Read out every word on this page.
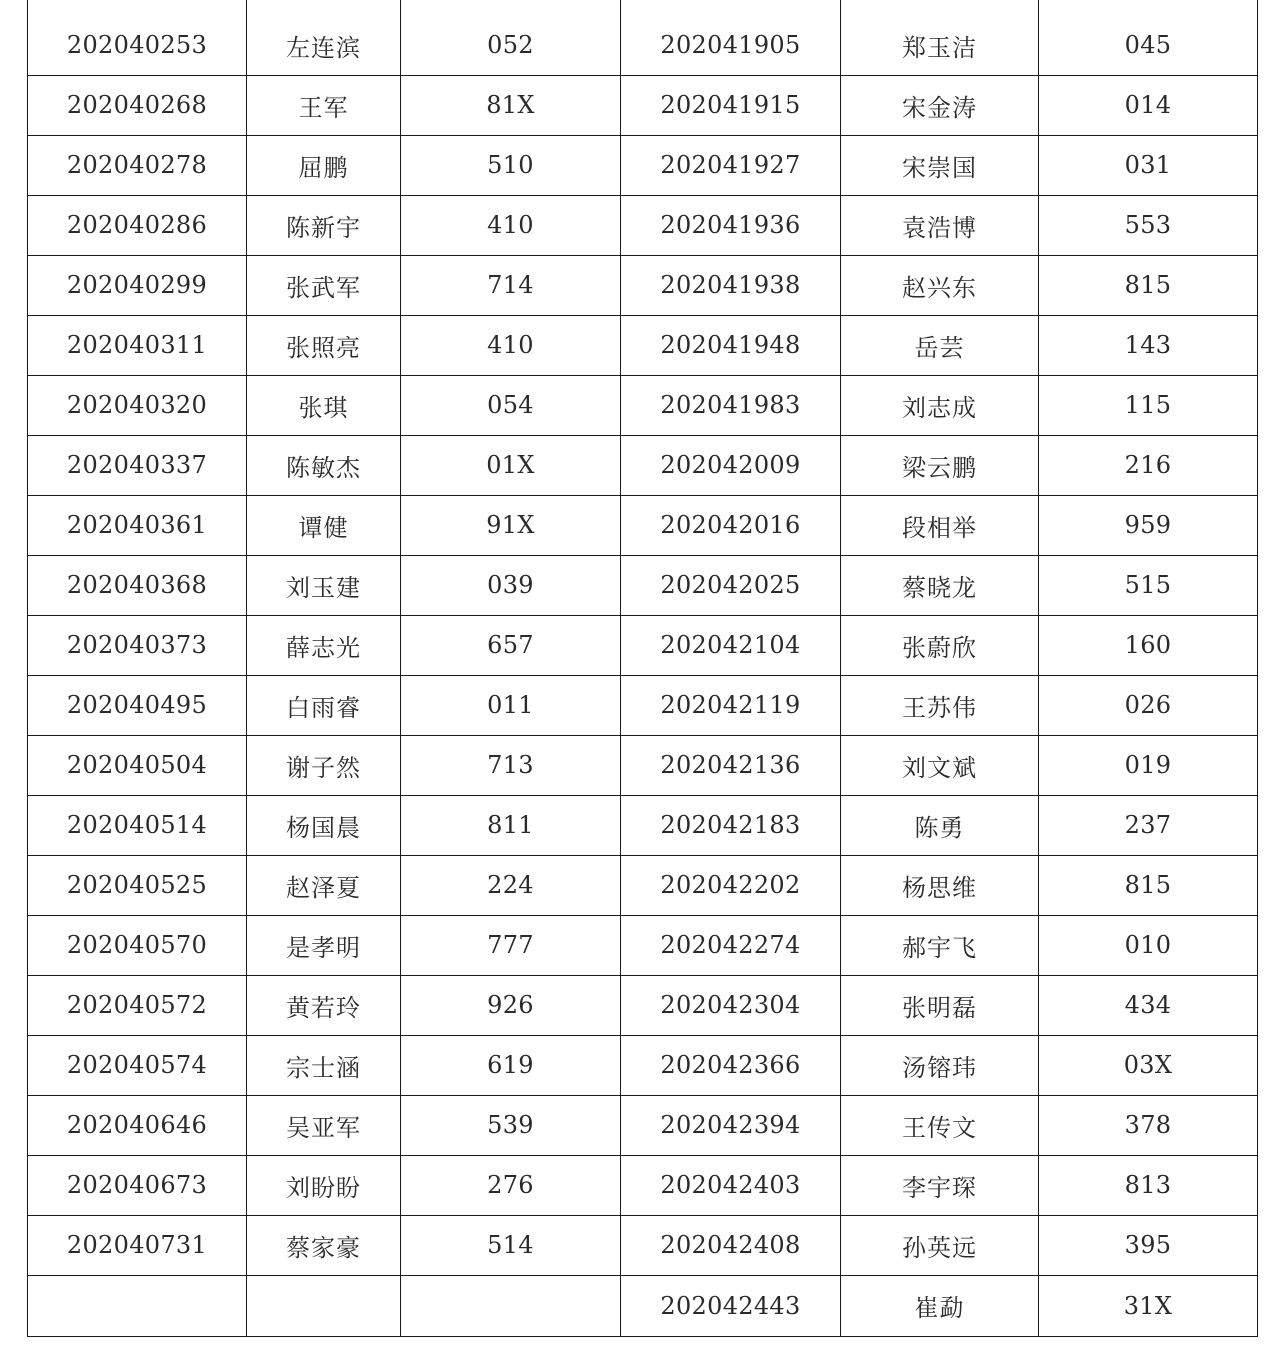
202040253	左连滨	052	202041905	郑玉洁	045
202040268	王军	81X	202041915	宋金涛	014
202040278	屈鹏	510	202041927	宋崇国	031
202040286	陈新宇	410	202041936	袁浩博	553
202040299	张武军	714	202041938	赵兴东	815
202040311	张照亮	410	202041948	岳芸	143
202040320	张琪	054	202041983	刘志成	115
202040337	陈敏杰	01X	202042009	梁云鹏	216
202040361	谭健	91X	202042016	段相举	959
202040368	刘玉建	039	202042025	蔡晓龙	515
202040373	薛志光	657	202042104	张蔚欣	160
202040495	白雨睿	011	202042119	王苏伟	026
202040504	谢子然	713	202042136	刘文斌	019
202040514	杨国晨	811	202042183	陈勇	237
202040525	赵泽夏	224	202042202	杨思维	815
202040570	是孝明	777	202042274	郝宇飞	010
202040572	黄若玲	926	202042304	张明磊	434
202040574	宗士涵	619	202042366	汤镕玮	03X
202040646	吴亚军	539	202042394	王传文	378
202040673	刘盼盼	276	202042403	李宇琛	813
202040731	蔡家豪	514	202042408	孙英远	395
			202042443	崔勐	31X
